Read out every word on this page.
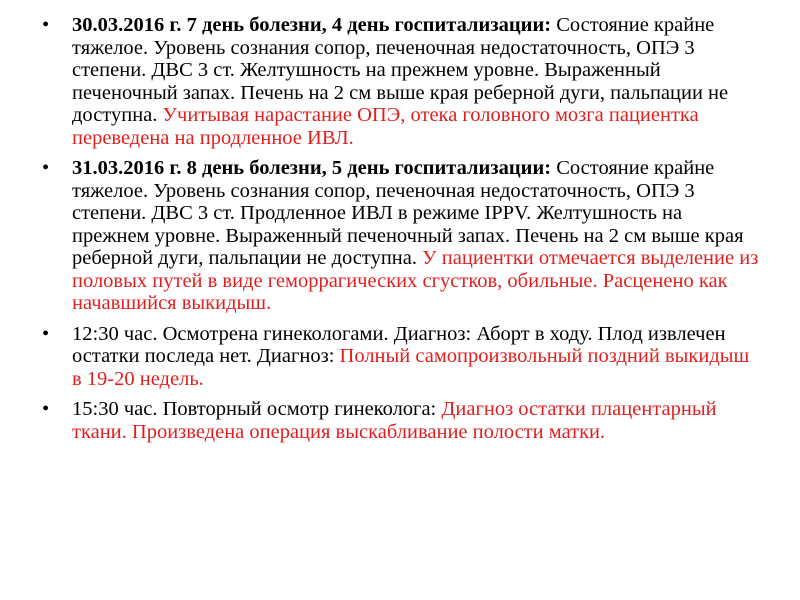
•	30.03.2016 г. 7 день болезни, 4 день госпитализации: Состояние крайне тяжелое. Уровень сознания сопор, печеночная недостаточность, ОПЭ 3 степени. ДВС 3 ст. Желтушность на прежнем уровне. Выраженный печеночный запах. Печень на 2 см выше края реберной дуги, пальпации не доступна. Учитывая нарастание ОПЭ, отека головного мозга пациентка переведена на продленное ИВЛ.
•	31.03.2016 г. 8 день болезни, 5 день госпитализации: Состояние крайне тяжелое. Уровень сознания сопор, печеночная недостаточность, ОПЭ 3 степени. ДВС 3 ст. Продленное ИВЛ в режиме IPPV. Желтушность на прежнем уровне. Выраженный печеночный запах. Печень на 2 см выше края реберной дуги, пальпации не доступна. У пациентки отмечается выделение из половых путей в виде геморрагических сгустков, обильные. Расценено как начавшийся выкидыш.
•	12:30 час. Осмотрена гинекологами. Диагноз: Аборт в ходу. Плод извлечен остатки последа нет. Диагноз: Полный самопроизвольный поздний выкидыш в 19-20 недель.
•	15:30 час. Повторный осмотр гинеколога: Диагноз остатки плацентарный ткани. Произведена операция выскабливание полости матки.
